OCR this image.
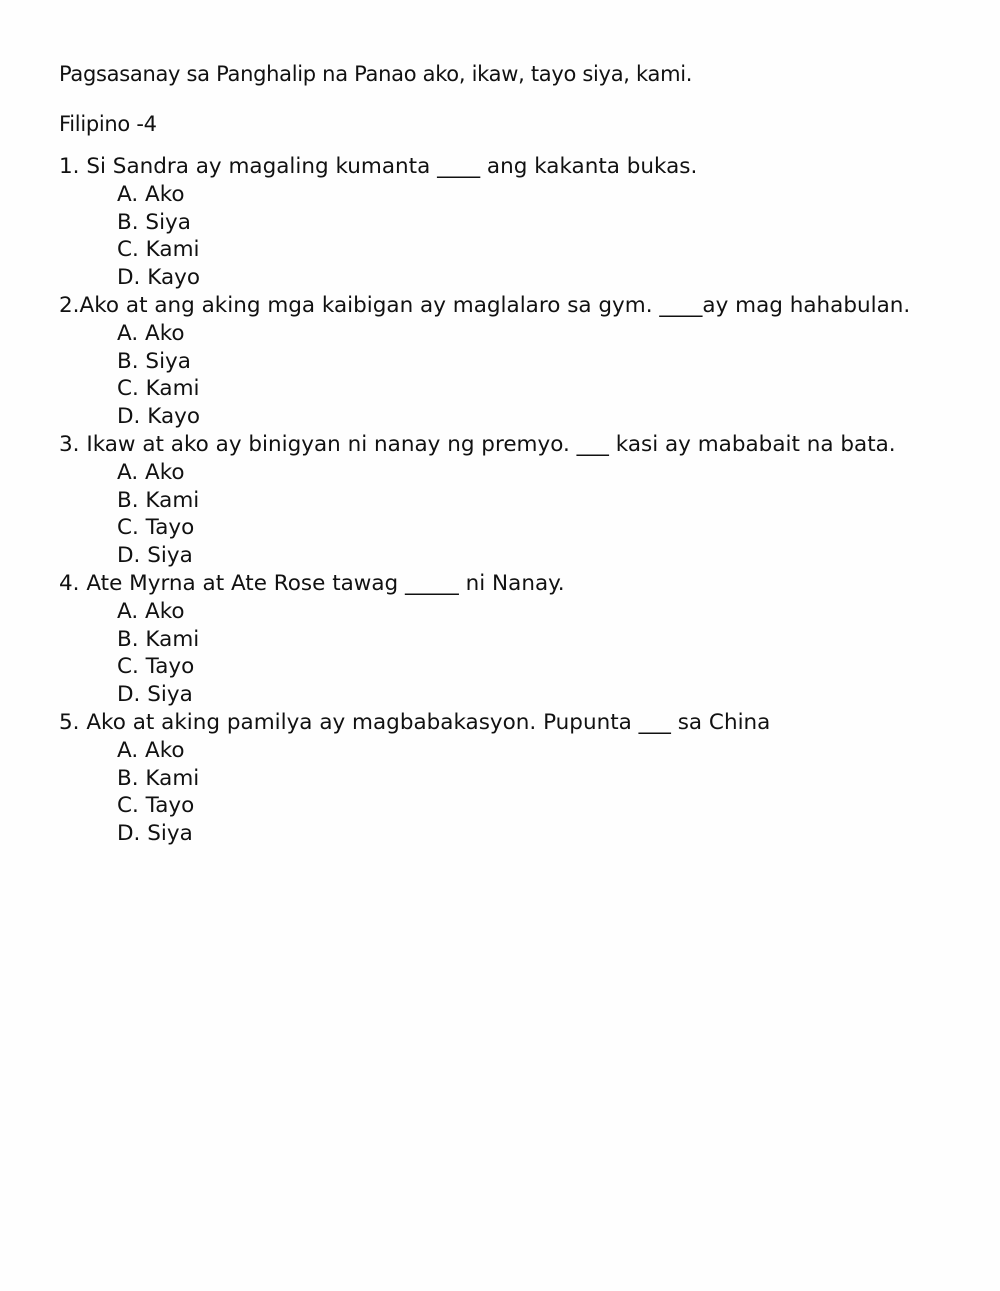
Pagsasanay sa Panghalip na Panao ako, ikaw, tayo siya, kami.
Filipino -4

1. Si Sandra ay magaling kumanta ____ ang kakanta bukas.

A. Ako
B. Siya
C. Kami
D. Kayo

2.Ako at ang aking mga kaibigan ay maglalaro sa gym. ____ay mag hahabulan.

A. Ako
B. Siya
C. Kami
D. Kayo

3. Ikaw at ako ay binigyan ni nanay ng premyo. ___ kasi ay mababait na bata.

A. Ako
B. Kami
C. Tayo
D. Siya

4. Ate Myrna at Ate Rose tawag _____ ni Nanay.

A. Ako
B. Kami
C. Tayo
D. Siya

5. Ako at aking pamilya ay magbabakasyon. Pupunta ___ sa China

A. Ako
B. Kami
C. Tayo
D. Siya
